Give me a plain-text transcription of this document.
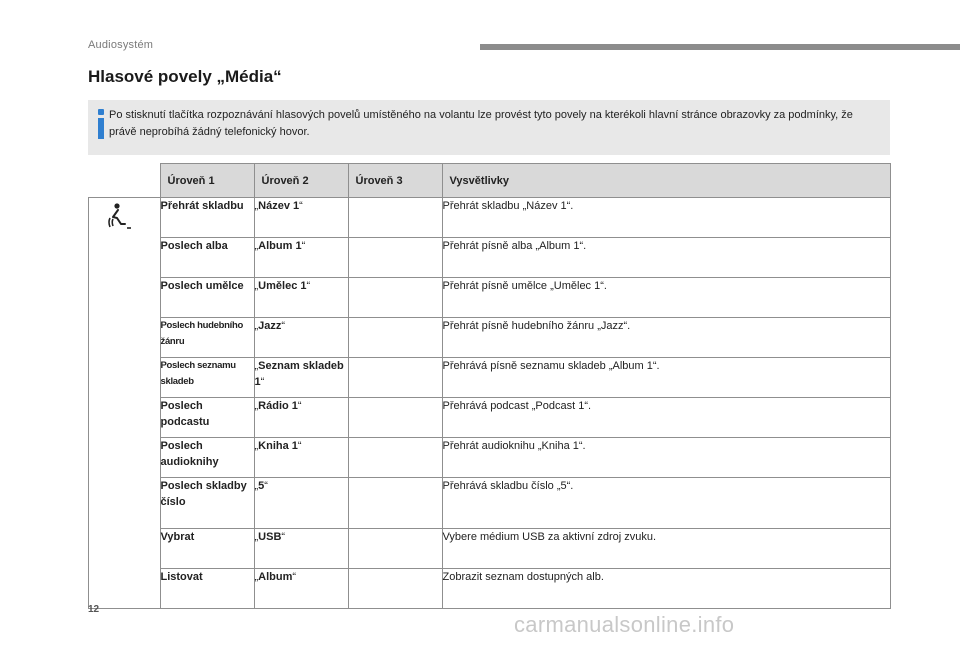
Audiosystém
Hlasové povely „Média“
Po stisknutí tlačítka rozpoznávání hlasových povelů umístěného na volantu lze provést tyto povely na kterékoli hlavní stránce obrazovky za podmínky, že právě neprobíhá žádný telefonický hovor.
	Úroveň 1	Úroveň 2	Úroveň 3	Vysvětlivky
	Přehrát skladbu	„Název 1“		Přehrát skladbu „Název 1“.
	Poslech alba	„Album 1“		Přehrát písně alba „Album 1“.
	Poslech umělce	„Umělec 1“		Přehrát písně umělce „Umělec 1“.
	Poslech hudebního žánru	„Jazz“		Přehrát písně hudebního žánru „Jazz“.
	Poslech seznamu skladeb	„Seznam skladeb 1“		Přehrává písně seznamu skladeb „Album 1“.
	Poslech podcastu	„Rádio 1“		Přehrává podcast „Podcast 1“.
	Poslech audioknihy	„Kniha 1“		Přehrát audioknihu „Kniha 1“.
	Poslech skladby číslo	„5“		Přehrává skladbu číslo „5“.
	Vybrat	„USB“		Vybere médium USB za aktivní zdroj zvuku.
	Listovat	„Album“		Zobrazit seznam dostupných alb.
12
carmanualsonline.info
